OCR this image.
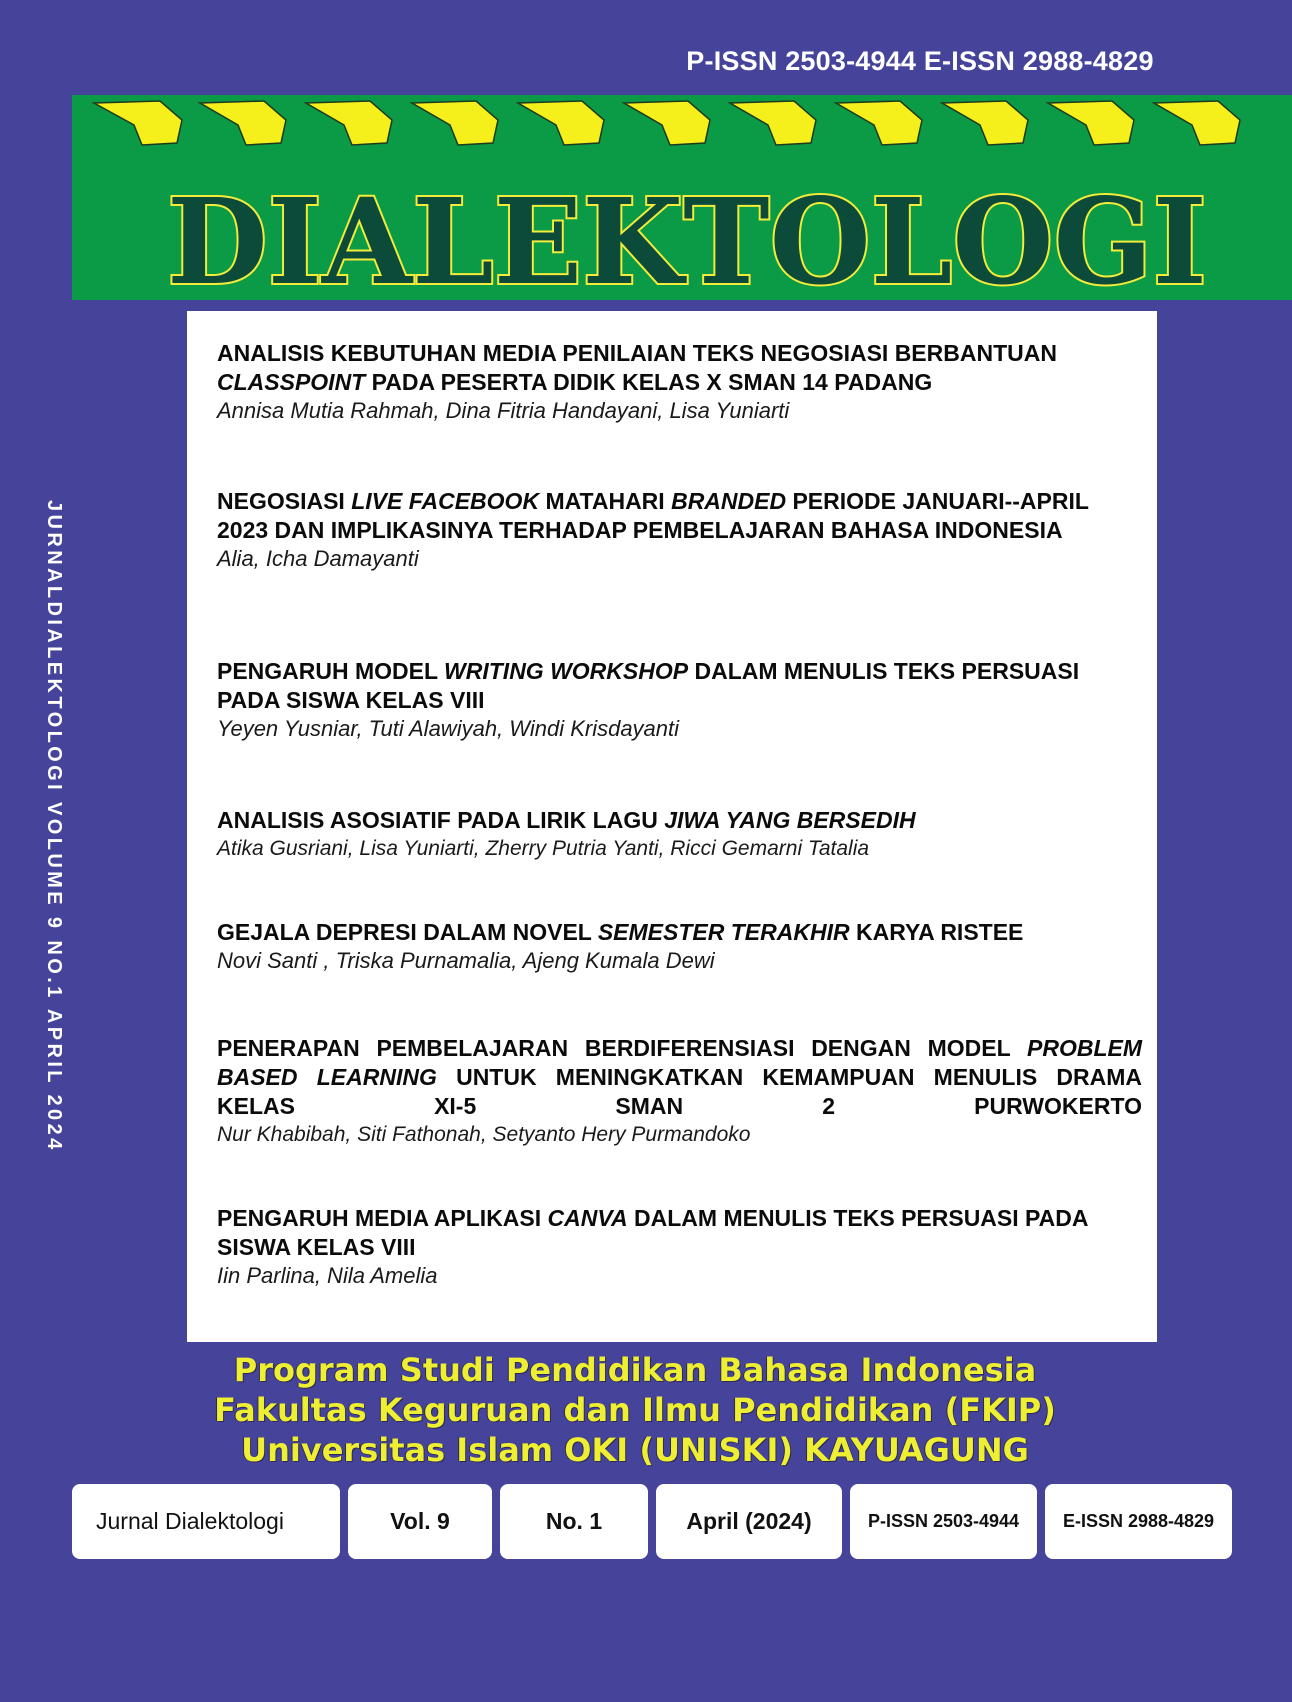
P-ISSN 2503-4944 E-ISSN 2988-4829
DIALEKTOLOGI
JURNALDIALEKTOLOGI VOLUME 9 NO.1 APRIL 2024
ANALISIS KEBUTUHAN MEDIA PENILAIAN TEKS NEGOSIASI BERBANTUAN CLASSPOINT PADA PESERTA DIDIK KELAS X SMAN 14 PADANG
Annisa Mutia Rahmah, Dina Fitria Handayani, Lisa Yuniarti
NEGOSIASI LIVE FACEBOOK MATAHARI BRANDED PERIODE JANUARI--APRIL 2023 DAN IMPLIKASINYA TERHADAP PEMBELAJARAN BAHASA INDONESIA
Alia, Icha Damayanti
PENGARUH MODEL WRITING WORKSHOP DALAM MENULIS TEKS PERSUASI PADA SISWA KELAS VIII
Yeyen Yusniar, Tuti Alawiyah, Windi Krisdayanti
ANALISIS ASOSIATIF PADA LIRIK LAGU JIWA YANG BERSEDIH
Atika Gusriani, Lisa Yuniarti, Zherry Putria Yanti, Ricci Gemarni Tatalia
GEJALA DEPRESI DALAM NOVEL SEMESTER TERAKHIR KARYA RISTEE
Novi Santi , Triska Purnamalia, Ajeng Kumala Dewi
PENERAPAN PEMBELAJARAN BERDIFERENSIASI DENGAN MODEL PROBLEM BASED LEARNING UNTUK MENINGKATKAN KEMAMPUAN MENULIS DRAMA KELAS XI-5 SMAN 2 PURWOKERTO
Nur Khabibah, Siti Fathonah, Setyanto Hery Purmandoko
PENGARUH MEDIA APLIKASI CANVA DALAM MENULIS TEKS PERSUASI PADA SISWA KELAS VIII
Iin Parlina, Nila Amelia
Program Studi Pendidikan Bahasa Indonesia
Fakultas Keguruan dan Ilmu Pendidikan (FKIP)
Universitas Islam OKI (UNISKI) KAYUAGUNG
Jurnal Dialektologi	Vol. 9	No. 1	April (2024)	P-ISSN 2503-4944	E-ISSN 2988-4829
